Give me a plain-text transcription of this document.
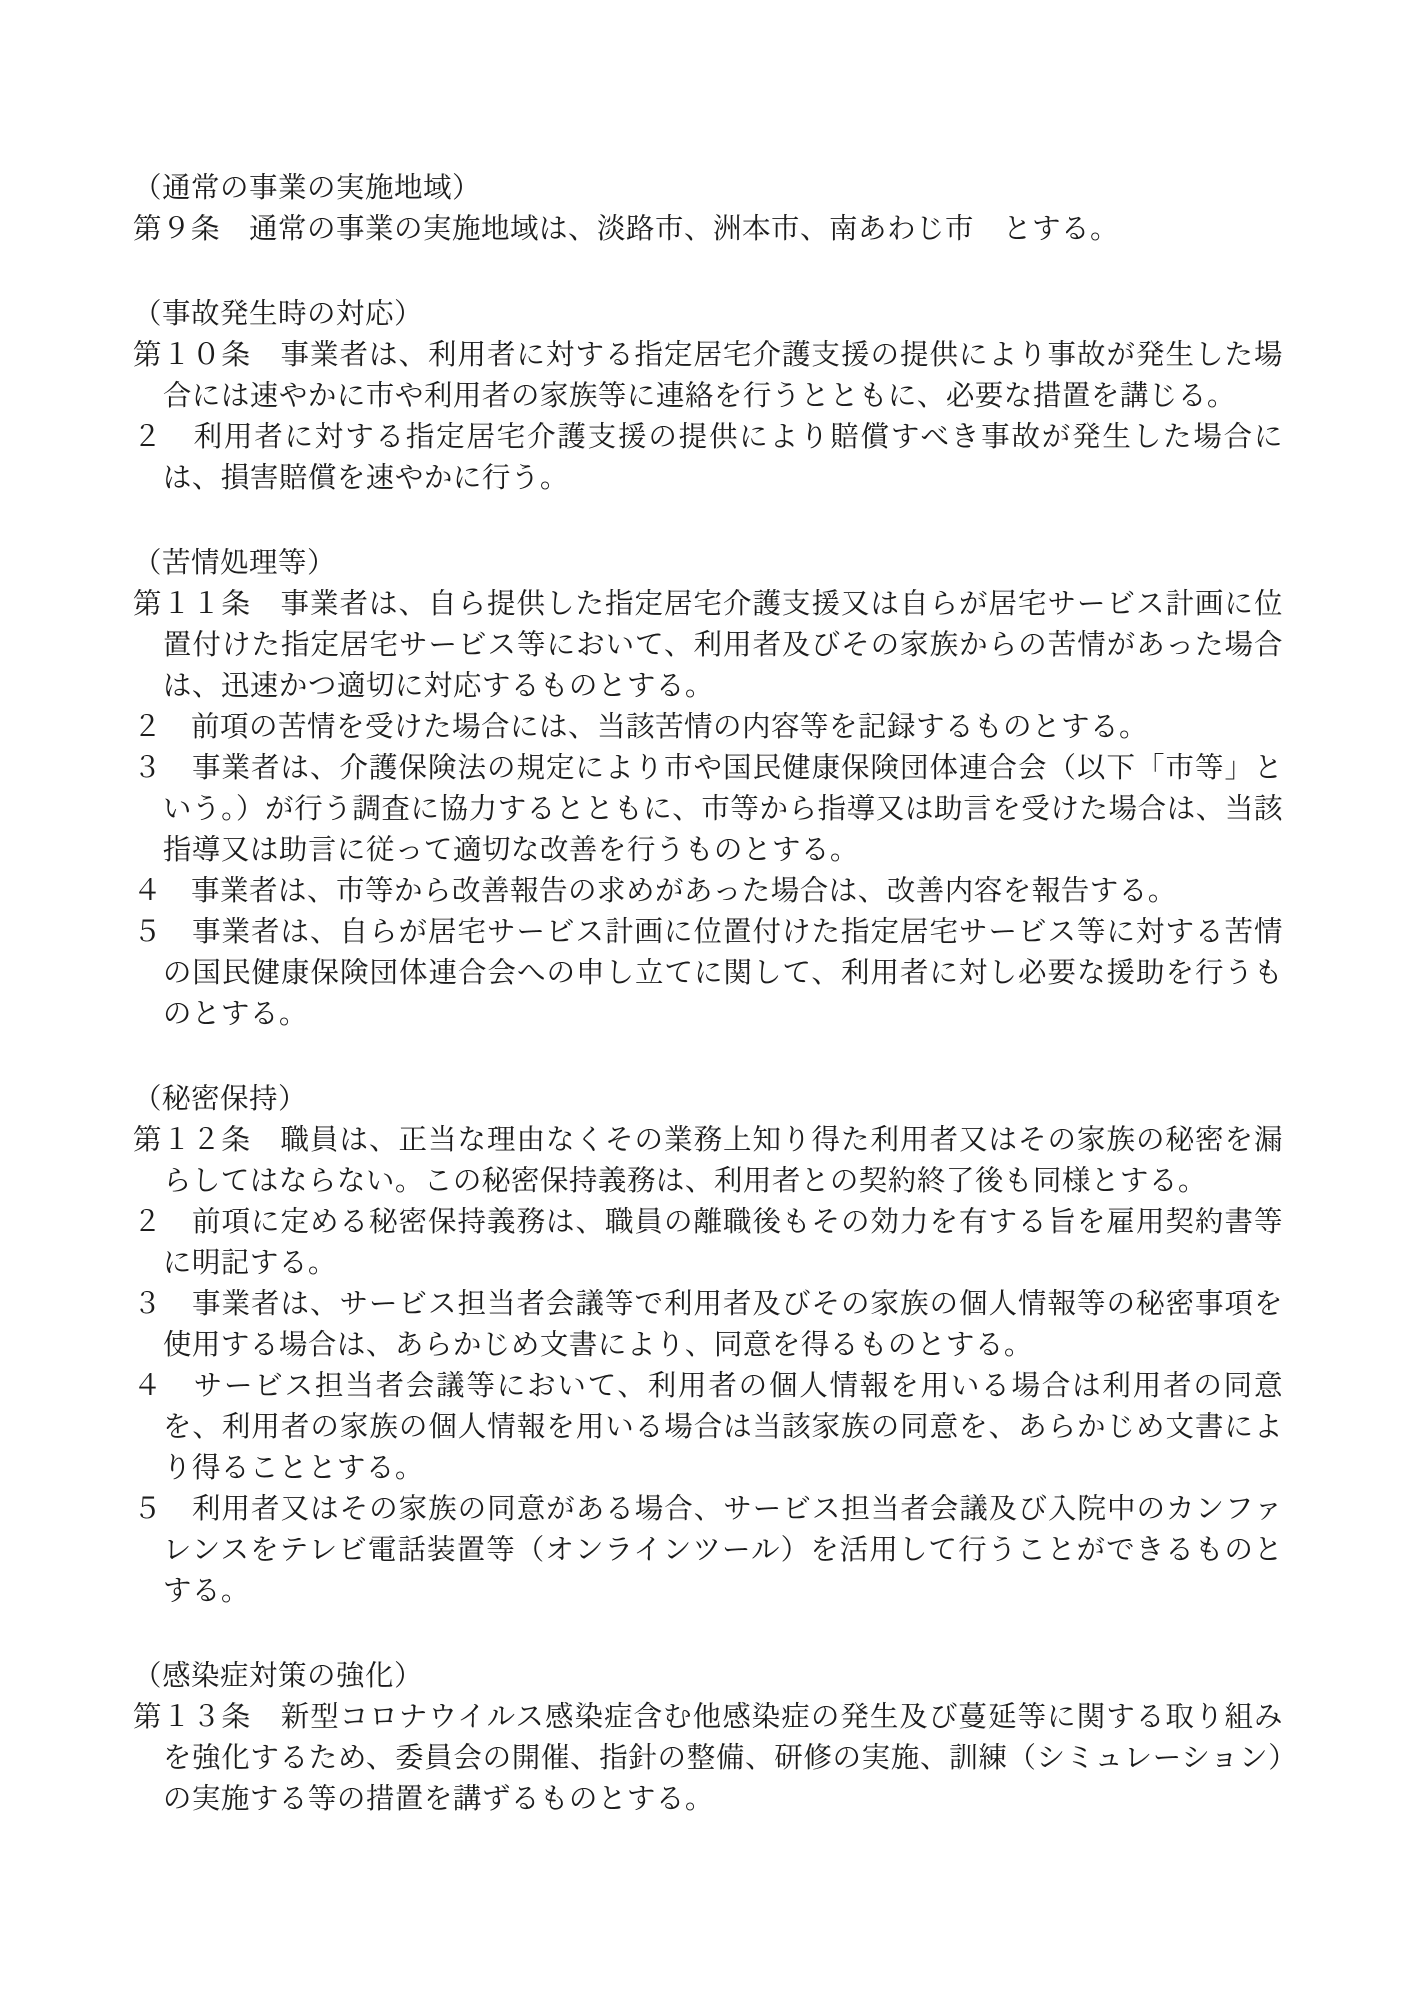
（通常の事業の実施地域）

第９条　通常の事業の実施地域は、淡路市、洲本市、南あわじ市　とする。

（事故発生時の対応）

第１０条　事業者は、利用者に対する指定居宅介護支援の提供により事故が発生した場合には速やかに市や利用者の家族等に連絡を行うとともに、必要な措置を講じる。

２　利用者に対する指定居宅介護支援の提供により賠償すべき事故が発生した場合には、損害賠償を速やかに行う。

（苦情処理等）

第１１条　事業者は、自ら提供した指定居宅介護支援又は自らが居宅サービス計画に位置付けた指定居宅サービス等において、利用者及びその家族からの苦情があった場合は、迅速かつ適切に対応するものとする。

２　前項の苦情を受けた場合には、当該苦情の内容等を記録するものとする。

３　事業者は、介護保険法の規定により市や国民健康保険団体連合会（以下「市等」という。）が行う調査に協力するとともに、市等から指導又は助言を受けた場合は、当該指導又は助言に従って適切な改善を行うものとする。

４　事業者は、市等から改善報告の求めがあった場合は、改善内容を報告する。

５　事業者は、自らが居宅サービス計画に位置付けた指定居宅サービス等に対する苦情の国民健康保険団体連合会への申し立てに関して、利用者に対し必要な援助を行うものとする。

（秘密保持）

第１２条　職員は、正当な理由なくその業務上知り得た利用者又はその家族の秘密を漏らしてはならない。この秘密保持義務は、利用者との契約終了後も同様とする。

２　前項に定める秘密保持義務は、職員の離職後もその効力を有する旨を雇用契約書等に明記する。

３　事業者は、サービス担当者会議等で利用者及びその家族の個人情報等の秘密事項を使用する場合は、あらかじめ文書により、同意を得るものとする。

４　サービス担当者会議等において、利用者の個人情報を用いる場合は利用者の同意を、利用者の家族の個人情報を用いる場合は当該家族の同意を、あらかじめ文書により得ることとする。

５　利用者又はその家族の同意がある場合、サービス担当者会議及び入院中のカンファレンスをテレビ電話装置等（オンラインツール）を活用して行うことができるものとする。

（感染症対策の強化）

第１３条　新型コロナウイルス感染症含む他感染症の発生及び蔓延等に関する取り組みを強化するため、委員会の開催、指針の整備、研修の実施、訓練（シミュレーション）の実施する等の措置を講ずるものとする。
